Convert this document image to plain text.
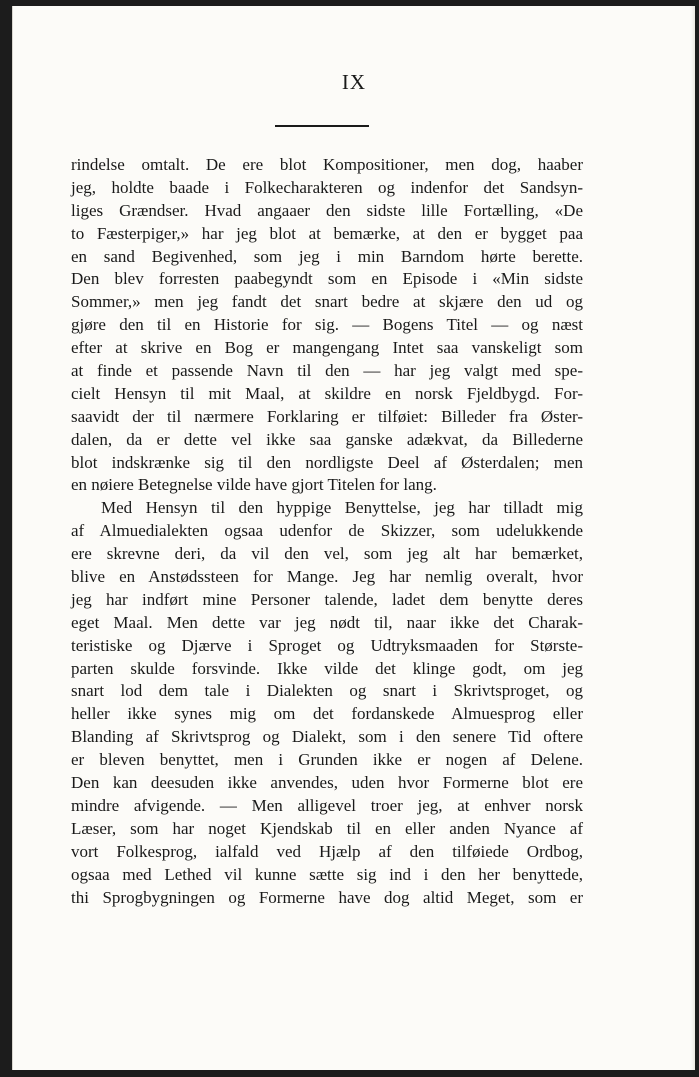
IX
rindelse omtalt. De ere blot Kompositioner, men dog, haaber
jeg, holdte baade i Folkecharakteren og indenfor det Sandsyn-
liges Grændser. Hvad angaaer den sidste lille Fortælling, «De
to Fæsterpiger,» har jeg blot at bemærke, at den er bygget paa
en sand Begivenhed, som jeg i min Barndom hørte berette.
Den blev forresten paabegyndt som en Episode i «Min sidste
Sommer,» men jeg fandt det snart bedre at skjære den ud og
gjøre den til en Historie for sig. — Bogens Titel — og næst
efter at skrive en Bog er mangengang Intet saa vanskeligt som
at finde et passende Navn til den — har jeg valgt med spe-
cielt Hensyn til mit Maal, at skildre en norsk Fjeldbygd. For-
saavidt der til nærmere Forklaring er tilføiet: Billeder fra Øster-
dalen, da er dette vel ikke saa ganske adækvat, da Billederne
blot indskrænke sig til den nordligste Deel af Østerdalen; men
en nøiere Betegnelse vilde have gjort Titelen for lang.
Med Hensyn til den hyppige Benyttelse, jeg har tilladt mig
af Almuedialekten ogsaa udenfor de Skizzer, som udelukkende
ere skrevne deri, da vil den vel, som jeg alt har bemærket,
blive en Anstødssteen for Mange. Jeg har nemlig overalt, hvor
jeg har indført mine Personer talende, ladet dem benytte deres
eget Maal. Men dette var jeg nødt til, naar ikke det Charak-
teristiske og Djærve i Sproget og Udtryksmaaden for Største-
parten skulde forsvinde. Ikke vilde det klinge godt, om jeg
snart lod dem tale i Dialekten og snart i Skrivtsproget, og
heller ikke synes mig om det fordanskede Almuesprog eller
Blanding af Skrivtsprog og Dialekt, som i den senere Tid oftere
er bleven benyttet, men i Grunden ikke er nogen af Delene.
Den kan deesuden ikke anvendes, uden hvor Formerne blot ere
mindre afvigende. — Men alligevel troer jeg, at enhver norsk
Læser, som har noget Kjendskab til en eller anden Nyance af
vort Folkesprog, ialfald ved Hjælp af den tilføiede Ordbog,
ogsaa med Lethed vil kunne sætte sig ind i den her benyttede,
thi Sprogbygningen og Formerne have dog altid Meget, som er
